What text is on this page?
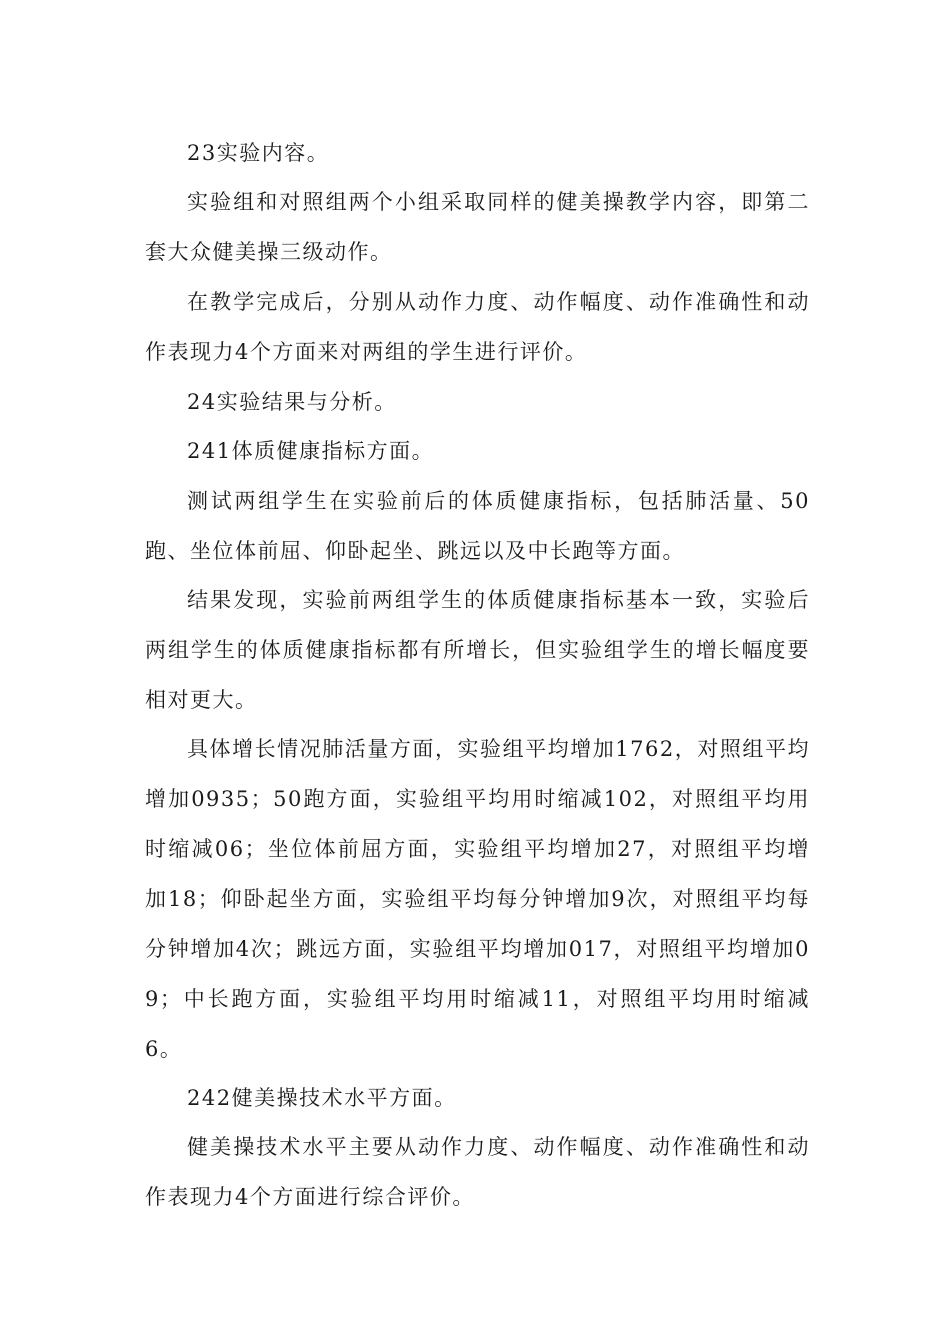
23实验内容。

实验组和对照组两个小组采取同样的健美操教学内容，即第二套大众健美操三级动作。

在教学完成后，分别从动作力度、动作幅度、动作准确性和动作表现力4个方面来对两组的学生进行评价。

24实验结果与分析。

241体质健康指标方面。

测试两组学生在实验前后的体质健康指标，包括肺活量、50跑、坐位体前屈、仰卧起坐、跳远以及中长跑等方面。

结果发现，实验前两组学生的体质健康指标基本一致，实验后两组学生的体质健康指标都有所增长，但实验组学生的增长幅度要相对更大。

具体增长情况肺活量方面，实验组平均增加1762，对照组平均增加0935；50跑方面，实验组平均用时缩减102，对照组平均用时缩减06；坐位体前屈方面，实验组平均增加27，对照组平均增加18；仰卧起坐方面，实验组平均每分钟增加9次，对照组平均每分钟增加4次；跳远方面，实验组平均增加017，对照组平均增加09；中长跑方面，实验组平均用时缩减11，对照组平均用时缩减6。

242健美操技术水平方面。

健美操技术水平主要从动作力度、动作幅度、动作准确性和动作表现力4个方面进行综合评价。
